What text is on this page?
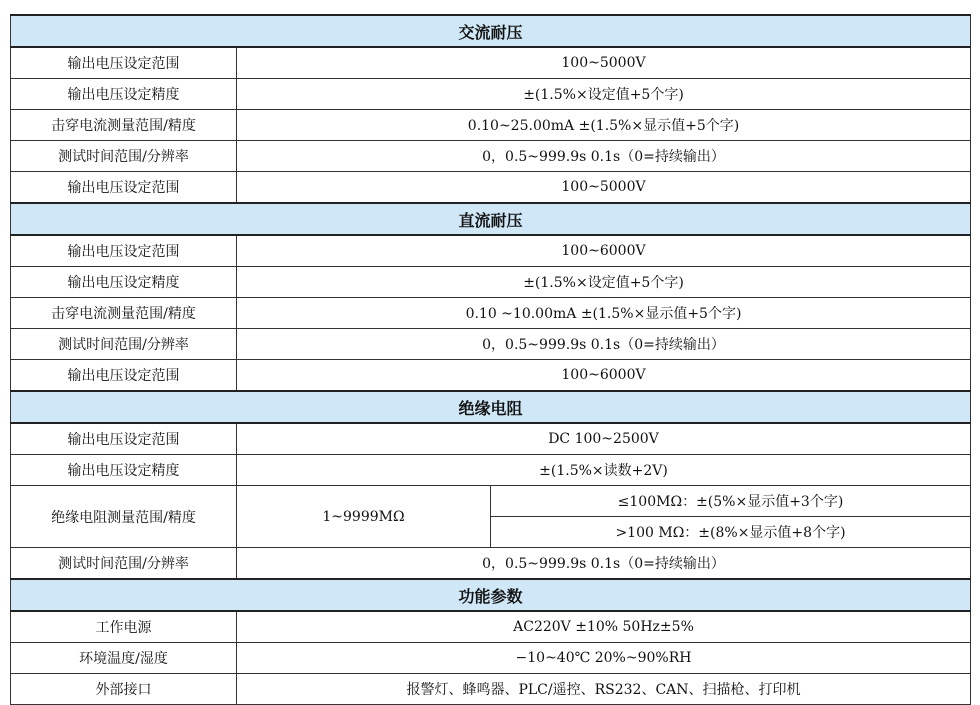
交流耐压		
输出电压设定范围	100~5000V	
输出电压设定精度	±(1.5%×设定值+5个字)	
击穿电流测量范围/精度	0.10~25.00mA ±(1.5%×显示值+5个字)	
测试时间范围/分辨率	0，0.5~999.9s 0.1s（0=持续输出）	
输出电压设定范围	100~5000V	
直流耐压		
输出电压设定范围	100~6000V	
输出电压设定精度	±(1.5%×设定值+5个字)	
击穿电流测量范围/精度	0.10 ~10.00mA ±(1.5%×显示值+5个字)	
测试时间范围/分辨率	0，0.5~999.9s 0.1s（0=持续输出）	
输出电压设定范围	100~6000V	
绝缘电阻		
输出电压设定范围	DC 100~2500V	
输出电压设定精度	±(1.5%×读数+2V)	
绝缘电阻测量范围/精度	1~9999MΩ	≤100MΩ：±(5%×显示值+3个字)
		>100 MΩ：±(8%×显示值+8个字)
测试时间范围/分辨率	0，0.5~999.9s 0.1s（0=持续输出）	
功能参数		
工作电源	AC220V ±10% 50Hz±5%	
环境温度/湿度	−10~40℃ 20%~90%RH	
外部接口	报警灯、蜂鸣器、PLC/遥控、RS232、CAN、扫描枪、打印机	
